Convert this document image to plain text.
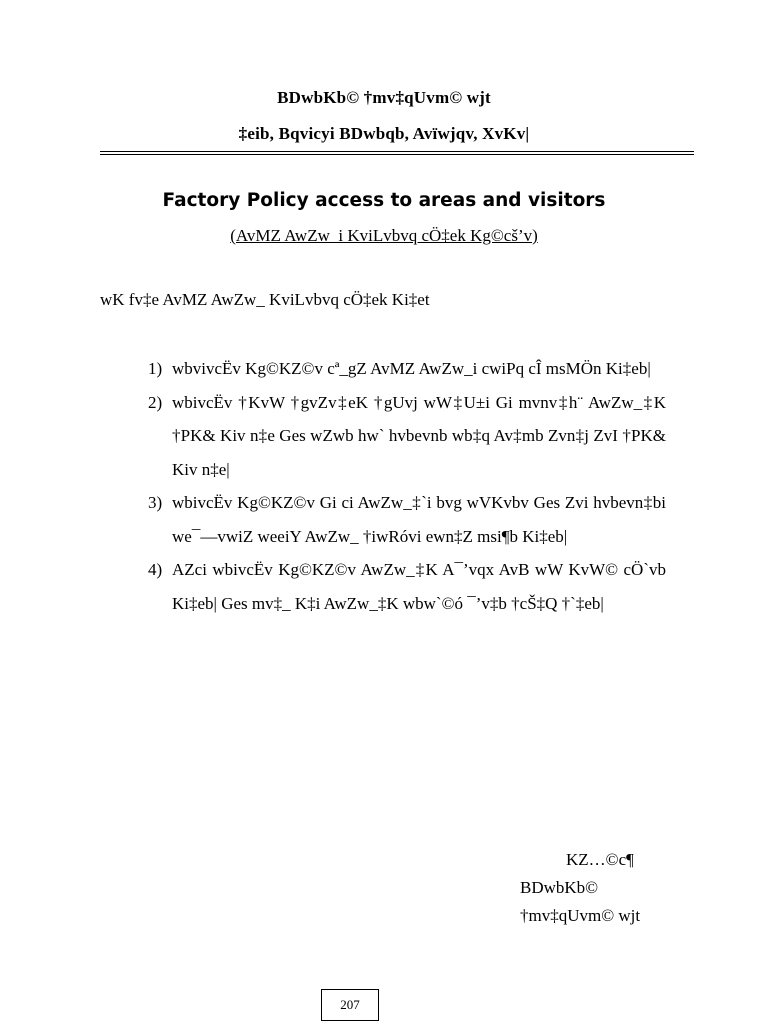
BDwbKb© †mv‡qUvm© wjt
‡eib, Bqvicyi BDwbqb, Avïwjqv, XvKv|
Factory Policy access to areas and visitors
(AvMZ AwZw_i KviLvbvq cÖ‡ek Kg©cš’v)
wK fv‡e AvMZ AwZw_ KviLvbvq cÖ‡ek Ki‡et
1) wbvivcËv Kg©KZ©v cª_gZ AvMZ AwZw_i cwiPq cÎ msMÖn Ki‡eb|
2) wbivcËv †KvW †gvZv‡eK †gUvj wW‡U±i Gi mvnv‡h¨ AwZw_‡K †PK& Kiv n‡e Ges wZwb hw` hvbevnb wb‡q Av‡mb Zvn‡j ZvI †PK& Kiv n‡e|
3) wbivcËv Kg©KZ©v Gi ci AwZw_‡`i bvg wVKvbv Ges Zvi hvbevn‡bi we¯—vwiZ weeiY AwZw_ †iwRóvi ewn‡Z msi¶b Ki‡eb|
4) AZci wbivcËv Kg©KZ©v AwZw_‡K A¯’vqx AvB wW KvW© cÖ`vb Ki‡eb| Ges mv‡_ K‡i AwZw_‡K wbw`©ó ¯’v‡b †cŠ‡Q †`‡eb|
KZ…©c¶
BDwbKb©
†mv‡qUvm© wjt
207
